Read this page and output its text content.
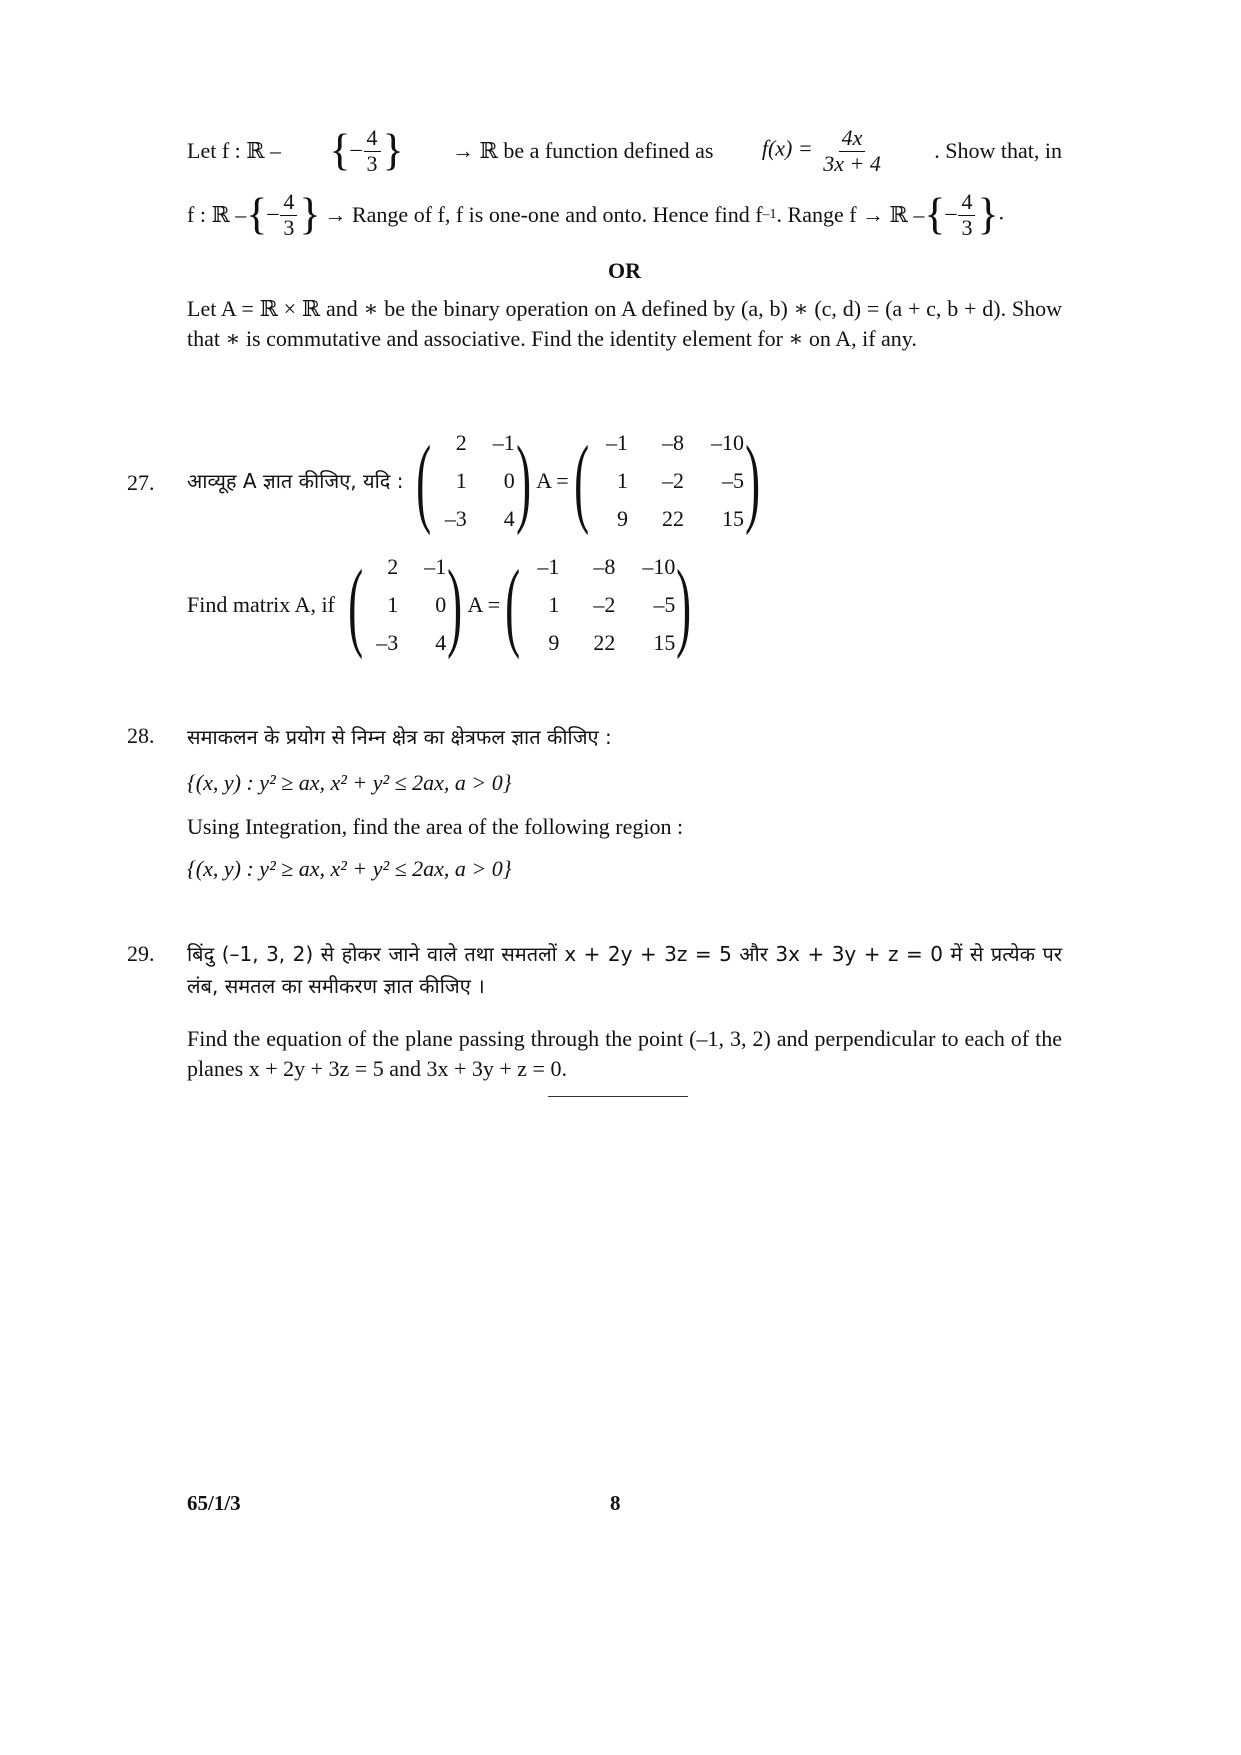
Let f : ℝ – {– $\frac{4}{3}$ } → ℝ be a function defined as $f(x) = \frac{4x}{3x + 4}$ . Show that, in
f : ℝ – {– $\frac{4}{3}$ } → Range of f, f is one-one and onto. Hence find f –1 . Range f → ℝ – {– $\frac{4}{3}$ }.
OR
Let A = ℝ × ℝ and ∗ be the binary operation on A defined by (a, b) ∗ (c, d) = (a + c, b + d). Show that ∗ is commutative and associative. Find the identity element for ∗ on A, if any.
27. आव्यूह A ज्ञात कीजिए, यदि : (	2	–1
1	0
–3	4 ) A = ( –1	–8	–10
1	–2	–5
9	22	15 )
Find matrix A, if (	2	–1
1	0
–3	4 ) A = ( –1	–8	–10
1	–2	–5
9	22	15 )
28. समाकलन के प्रयोग से निम्न क्षेत्र का क्षेत्रफल ज्ञात कीजिए :
{(x, y) : y² ≥ ax, x² + y² ≤ 2ax, a > 0}
Using Integration, find the area of the following region :
{(x, y) : y² ≥ ax, x² + y² ≤ 2ax, a > 0}
29. बिंदु (–1, 3, 2) से होकर जाने वाले तथा समतलों x + 2y + 3z = 5 और 3x + 3y + z = 0 में से प्रत्येक पर लंब, समतल का समीकरण ज्ञात कीजिए ।
Find the equation of the plane passing through the point (–1, 3, 2) and perpendicular to each of the planes x + 2y + 3z = 5 and 3x + 3y + z = 0.
65/1/3	8
